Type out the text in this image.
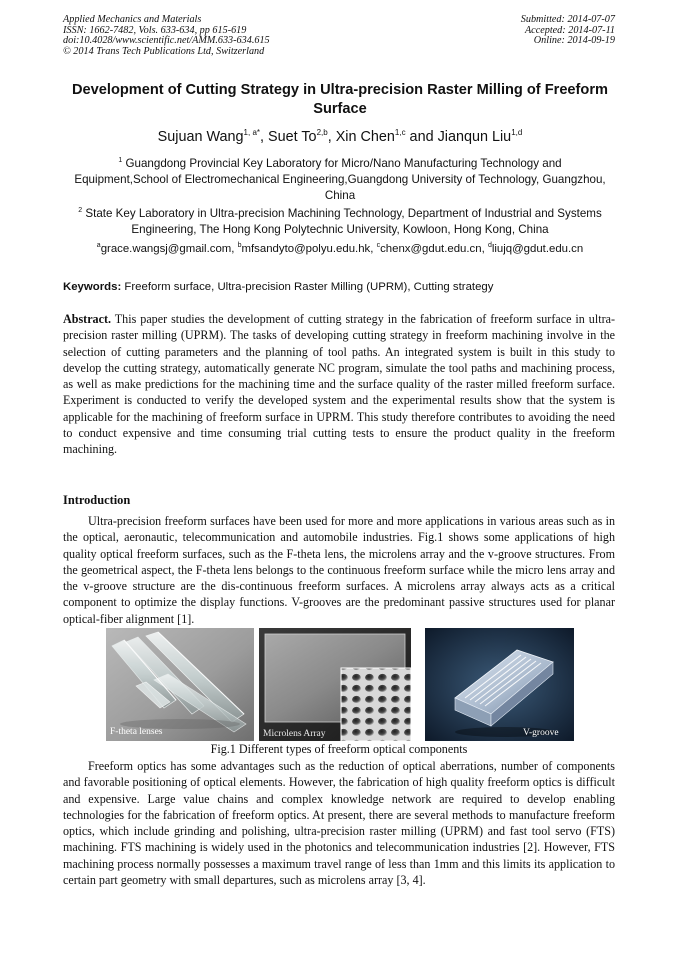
Applied Mechanics and Materials
ISSN: 1662-7482, Vols. 633-634, pp 615-619
doi:10.4028/www.scientific.net/AMM.633-634.615
© 2014 Trans Tech Publications Ltd, Switzerland
Submitted: 2014-07-07
Accepted: 2014-07-11
Online: 2014-09-19
Development of Cutting Strategy in Ultra-precision Raster Milling of Freeform Surface
Sujuan Wang$^{1, a*}$, Suet To$^{2,b}$, Xin Chen$^{1,c}$ and Jianqun Liu$^{1,d}$
$^1$ Guangdong Provincial Key Laboratory for Micro/Nano Manufacturing Technology and Equipment,School of Electromechanical Engineering,Guangdong University of Technology, Guangzhou, China
$^2$ State Key Laboratory in Ultra-precision Machining Technology, Department of Industrial and Systems Engineering, The Hong Kong Polytechnic University, Kowloon, Hong Kong, China
$^a$grace.wangsj@gmail.com, $^b$mfsandyto@polyu.edu.hk, $^c$chenx@gdut.edu.cn, $^d$liujq@gdut.edu.cn
Keywords: Freeform surface, Ultra-precision Raster Milling (UPRM), Cutting strategy
Abstract. This paper studies the development of cutting strategy in the fabrication of freeform surface in ultra-precision raster milling (UPRM). The tasks of developing cutting strategy in freeform machining involve in the selection of cutting parameters and the planning of tool paths. An integrated system is built in this study to develop the cutting strategy, automatically generate NC program, simulate the tool paths and machining process, as well as make predictions for the machining time and the surface quality of the raster milled freeform surface. Experiment is conducted to verify the developed system and the experimental results show that the system is applicable for the machining of freeform surface in UPRM. This study therefore contributes to avoiding the need to conduct expensive and time consuming trial cutting tests to ensure the product quality in the freeform machining.
Introduction
Ultra-precision freeform surfaces have been used for more and more applications in various areas such as in the optical, aeronautic, telecommunication and automobile industries. Fig.1 shows some applications of high quality optical freeform surfaces, such as the F-theta lens, the microlens array and the v-groove structures. From the geometrical aspect, the F-theta lens belongs to the continuous freeform surface while the micro lens array and the v-groove structure are the dis-continuous freeform surfaces. A microlens array always acts as a critical component to optimize the display functions. V-grooves are the predominant passive structures used for planar optical-fiber alignment [1].
F-theta lenses	Microlens Array	V-groove
Fig.1 Different types of freeform optical components
Freeform optics has some advantages such as the reduction of optical aberrations, number of components and favorable positioning of optical elements. However, the fabrication of high quality freeform optics is difficult and expensive. Large value chains and complex knowledge network are required to develop enabling technologies for the fabrication of freeform optics. At present, there are several methods to manufacture freeform optics, which include grinding and polishing, ultra-precision raster milling (UPRM) and fast tool servo (FTS) machining. FTS machining is widely used in the photonics and telecommunication industries [2]. However, FTS machining process normally possesses a maximum travel range of less than 1mm and this limits its application to certain part geometry with small departures, such as microlens array [3, 4].
